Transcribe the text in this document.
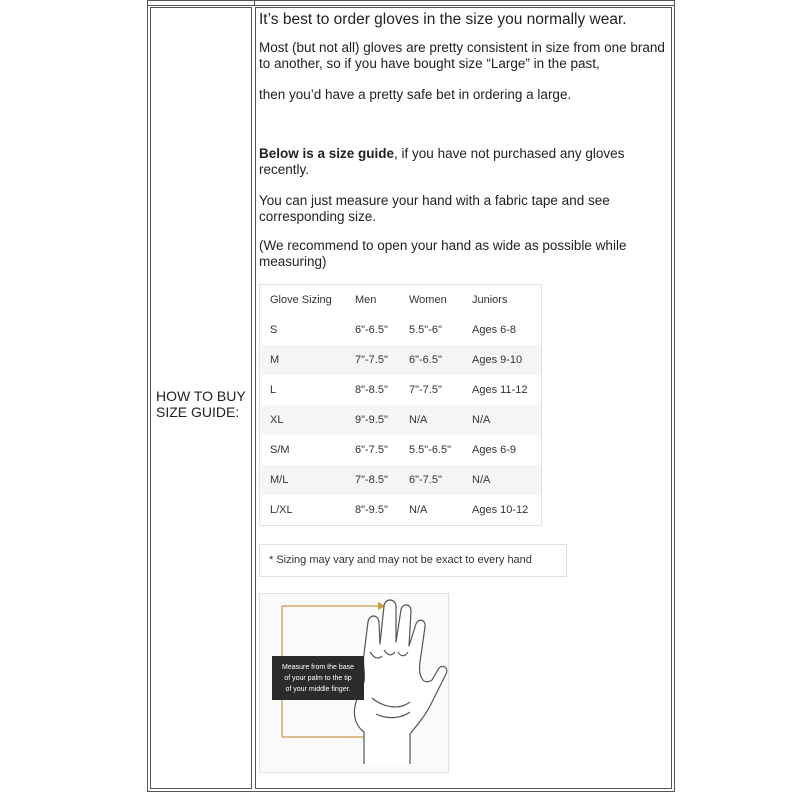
HOW TO BUY
SIZE GUIDE:
It’s best to order gloves in the size you normally wear.
Most (but not all) gloves are pretty consistent in size from one brand
to another, so if you have bought size “Large” in the past,
then you’d have a pretty safe bet in ordering a large.
Below is a size guide, if you have not purchased any gloves
recently.
You can just measure your hand with a fabric tape and see
corresponding size.
(We recommend to open your hand as wide as possible while
measuring)
Glove Sizing	Men	Women	Juniors
S	6"-6.5"	5.5"-6"	Ages 6-8
M	7"-7.5"	6"-6.5"	Ages 9-10
L	8"-8.5"	7"-7.5"	Ages 11-12
XL	9"-9.5"	N/A	N/A
S/M	6"-7.5"	5.5"-6.5"	Ages 6-9
M/L	7"-8.5"	6"-7.5"	N/A
L/XL	8"-9.5"	N/A	Ages 10-12
* Sizing may vary and may not be exact to every hand
Measure from the base
of your palm to the tip
of your middle finger.
